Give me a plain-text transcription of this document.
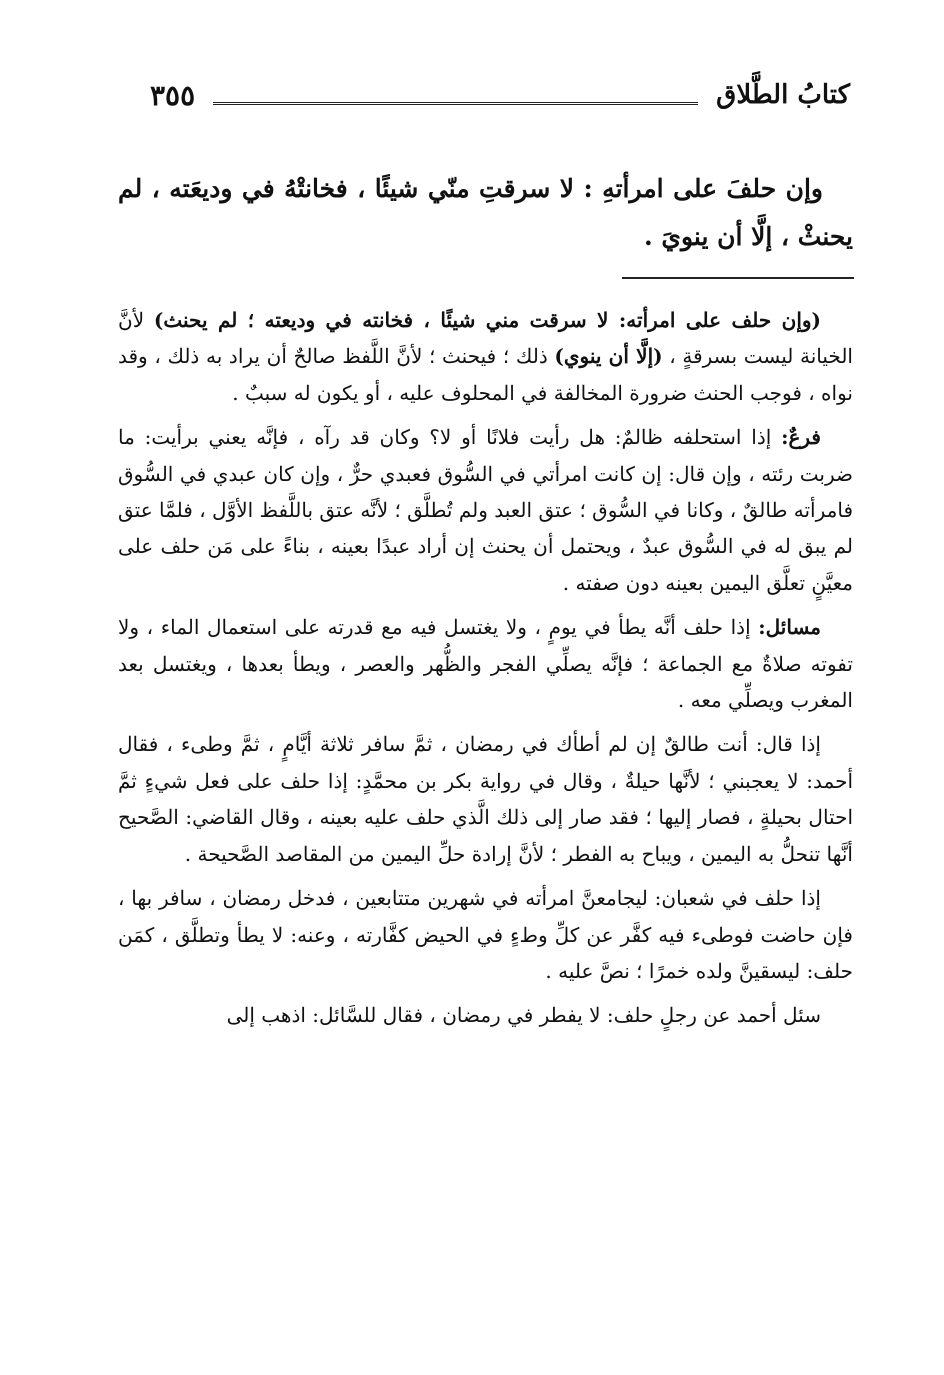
كتابُ الطَّلاق
٣٥٥
وإن حلفَ على امرأتهِ : لا سرقتِ منّي شيئًا ، فخانتْهُ في وديعَته ، لم يحنثْ ، إلَّا أن ينويَ .

(وإن حلف على امرأته: لا سرقت مني شيئًا ، فخانته في وديعته ؛ لم يحنث) لأنَّ الخيانة ليست بسرقةٍ ، (إلَّا أن ينوي) ذلك ؛ فيحنث ؛ لأنَّ اللَّفظ صالحٌ أن يراد به ذلك ، وقد نواه ، فوجب الحنث ضرورة المخالفة في المحلوف عليه ، أو يكون له سببٌ .

فرعٌ: إذا استحلفه ظالمٌ: هل رأيت فلانًا أو لا؟ وكان قد رآه ، فإنَّه يعني برأيت: ما ضربت رئته ، وإن قال: إن كانت امرأتي في السُّوق فعبدي حرٌّ ، وإن كان عبدي في السُّوق فامرأته طالقٌ ، وكانا في السُّوق ؛ عتق العبد ولم تُطلَّق ؛ لأنَّه عتق باللَّفظ الأوَّل ، فلمَّا عتق لم يبق له في السُّوق عبدٌ ، ويحتمل أن يحنث إن أراد عبدًا بعينه ، بناءً على مَن حلف على معيَّنٍ تعلَّق اليمين بعينه دون صفته .

مسائل: إذا حلف أنَّه يطأ في يومٍ ، ولا يغتسل فيه مع قدرته على استعمال الماء ، ولا تفوته صلاةٌ مع الجماعة ؛ فإنَّه يصلِّي الفجر والظُّهر والعصر ، ويطأ بعدها ، ويغتسل بعد المغرب ويصلِّي معه .

إذا قال: أنت طالقٌ إن لم أطأك في رمضان ، ثمَّ سافر ثلاثة أيَّامٍ ، ثمَّ وطىء ، فقال أحمد: لا يعجبني ؛ لأنَّها حيلةٌ ، وقال في رواية بكر بن محمَّدٍ: إذا حلف على فعل شيءٍ ثمَّ احتال بحيلةٍ ، فصار إليها ؛ فقد صار إلى ذلك الَّذي حلف عليه بعينه ، وقال القاضي: الصَّحيح أنَّها تنحلُّ به اليمين ، ويباح به الفطر ؛ لأنَّ إرادة حلِّ اليمين من المقاصد الصَّحيحة .

إذا حلف في شعبان: ليجامعنَّ امرأته في شهرين متتابعين ، فدخل رمضان ، سافر بها ، فإن حاضت فوطىء فيه كفَّر عن كلِّ وطءٍ في الحيض كفَّارته ، وعنه: لا يطأ وتطلَّق ، كمَن حلف: ليسقينَّ ولده خمرًا ؛ نصَّ عليه .

سئل أحمد عن رجلٍ حلف: لا يفطر في رمضان ، فقال للسَّائل: اذهب إلى
